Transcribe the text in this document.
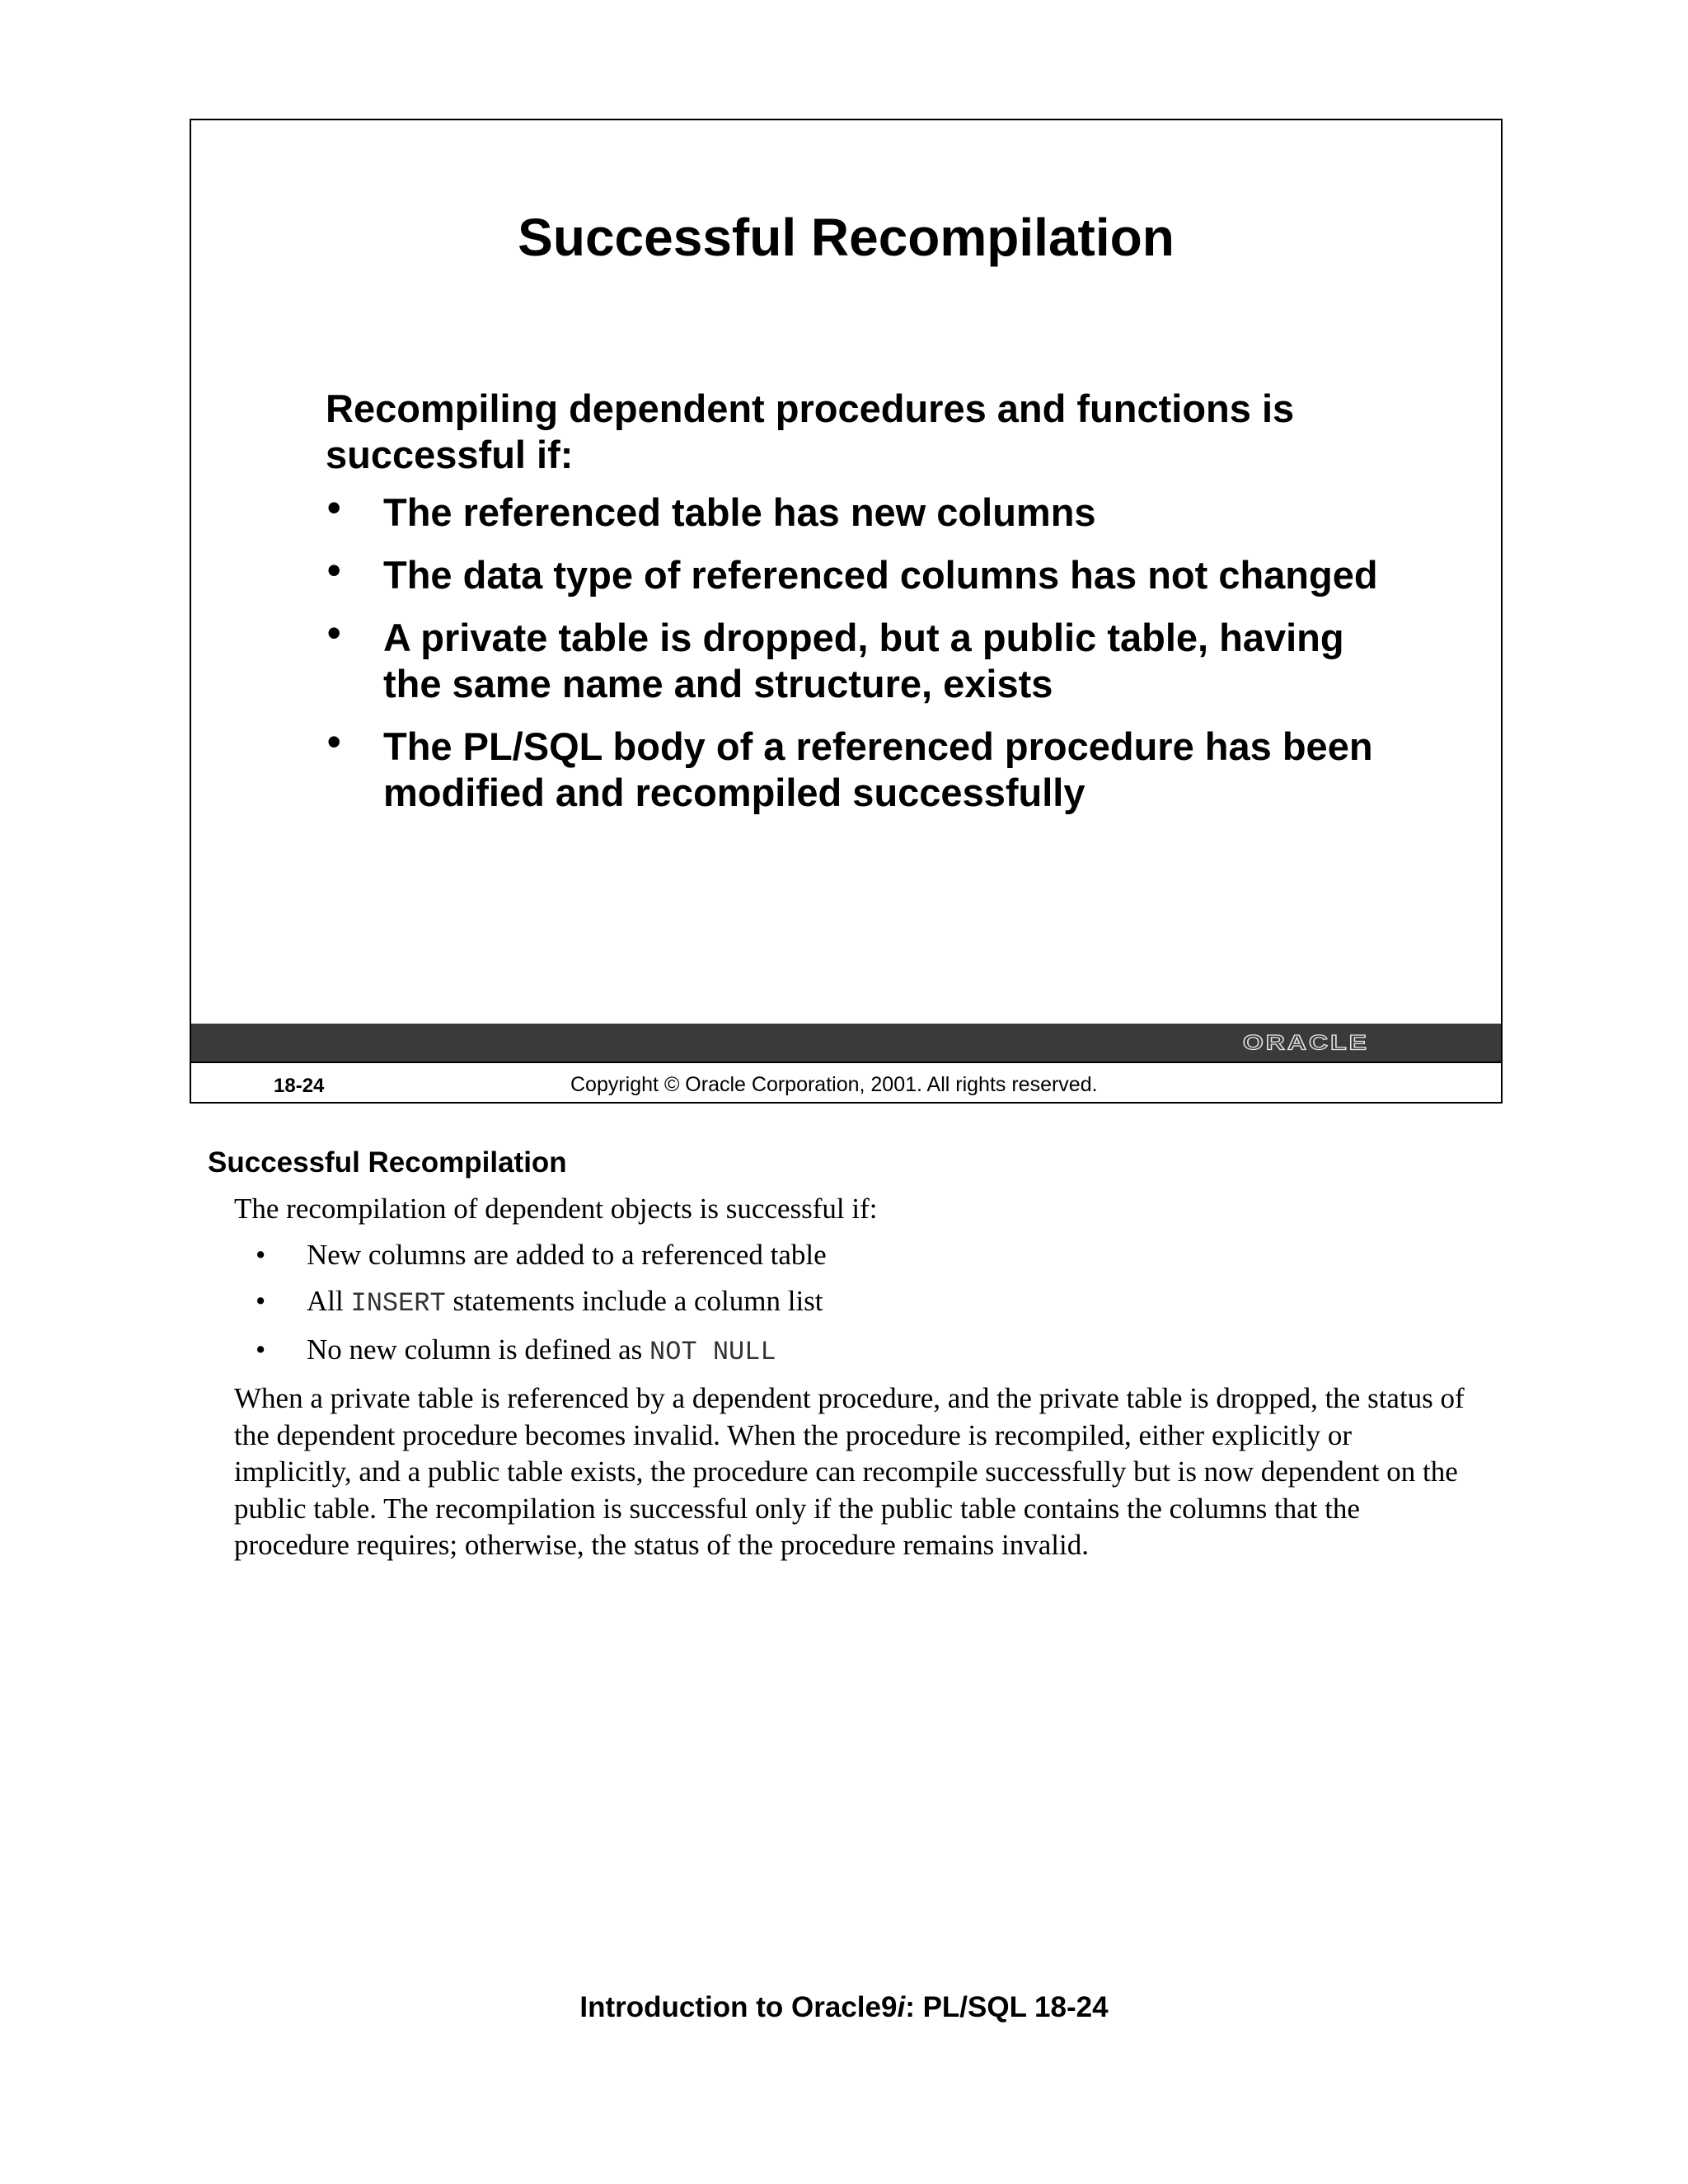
Successful Recompilation

Recompiling dependent procedures and functions is successful if:

• The referenced table has new columns
• The data type of referenced columns has not changed
• A private table is dropped, but a public table, having the same name and structure, exists
• The PL/SQL body of a referenced procedure has been modified and recompiled successfully
ORACLE
18-24	Copyright © Oracle Corporation, 2001. All rights reserved.
Successful Recompilation

The recompilation of dependent objects is successful if:

• New columns are added to a referenced table
• All INSERT statements include a column list
• No new column is defined as NOT NULL

When a private table is referenced by a dependent procedure, and the private table is dropped, the status of the dependent procedure becomes invalid. When the procedure is recompiled, either explicitly or implicitly, and a public table exists, the procedure can recompile successfully but is now dependent on the public table. The recompilation is successful only if the public table contains the columns that the procedure requires; otherwise, the status of the procedure remains invalid.

Introduction to Oracle9i: PL/SQL 18-24
